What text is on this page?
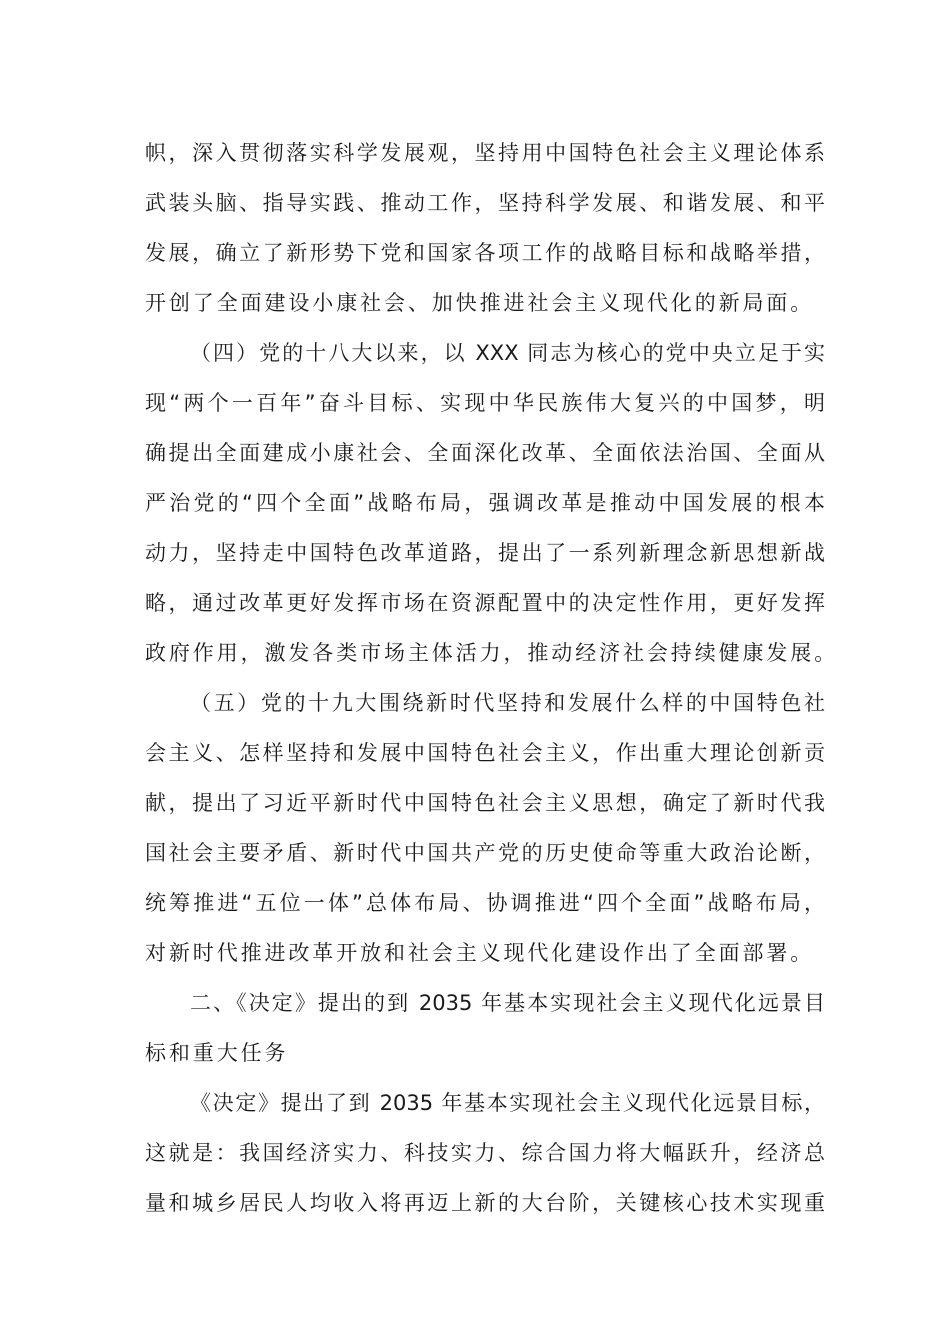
帜，深入贯彻落实科学发展观，坚持用中国特色社会主义理论体系
武装头脑、指导实践、推动工作，坚持科学发展、和谐发展、和平
发展，确立了新形势下党和国家各项工作的战略目标和战略举措，
开创了全面建设小康社会、加快推进社会主义现代化的新局面。
（四）党的十八大以来，以 XXX 同志为核心的党中央立足于实
现“两个一百年”奋斗目标、实现中华民族伟大复兴的中国梦，明
确提出全面建成小康社会、全面深化改革、全面依法治国、全面从
严治党的“四个全面”战略布局，强调改革是推动中国发展的根本
动力，坚持走中国特色改革道路，提出了一系列新理念新思想新战
略，通过改革更好发挥市场在资源配置中的决定性作用，更好发挥
政府作用，激发各类市场主体活力，推动经济社会持续健康发展。
（五）党的十九大围绕新时代坚持和发展什么样的中国特色社
会主义、怎样坚持和发展中国特色社会主义，作出重大理论创新贡
献，提出了习近平新时代中国特色社会主义思想，确定了新时代我
国社会主要矛盾、新时代中国共产党的历史使命等重大政治论断，
统筹推进“五位一体”总体布局、协调推进“四个全面”战略布局，
对新时代推进改革开放和社会主义现代化建设作出了全面部署。
二、《决定》提出的到 2035 年基本实现社会主义现代化远景目
标和重大任务
《决定》提出了到 2035 年基本实现社会主义现代化远景目标，
这就是：我国经济实力、科技实力、综合国力将大幅跃升，经济总
量和城乡居民人均收入将再迈上新的大台阶，关键核心技术实现重
